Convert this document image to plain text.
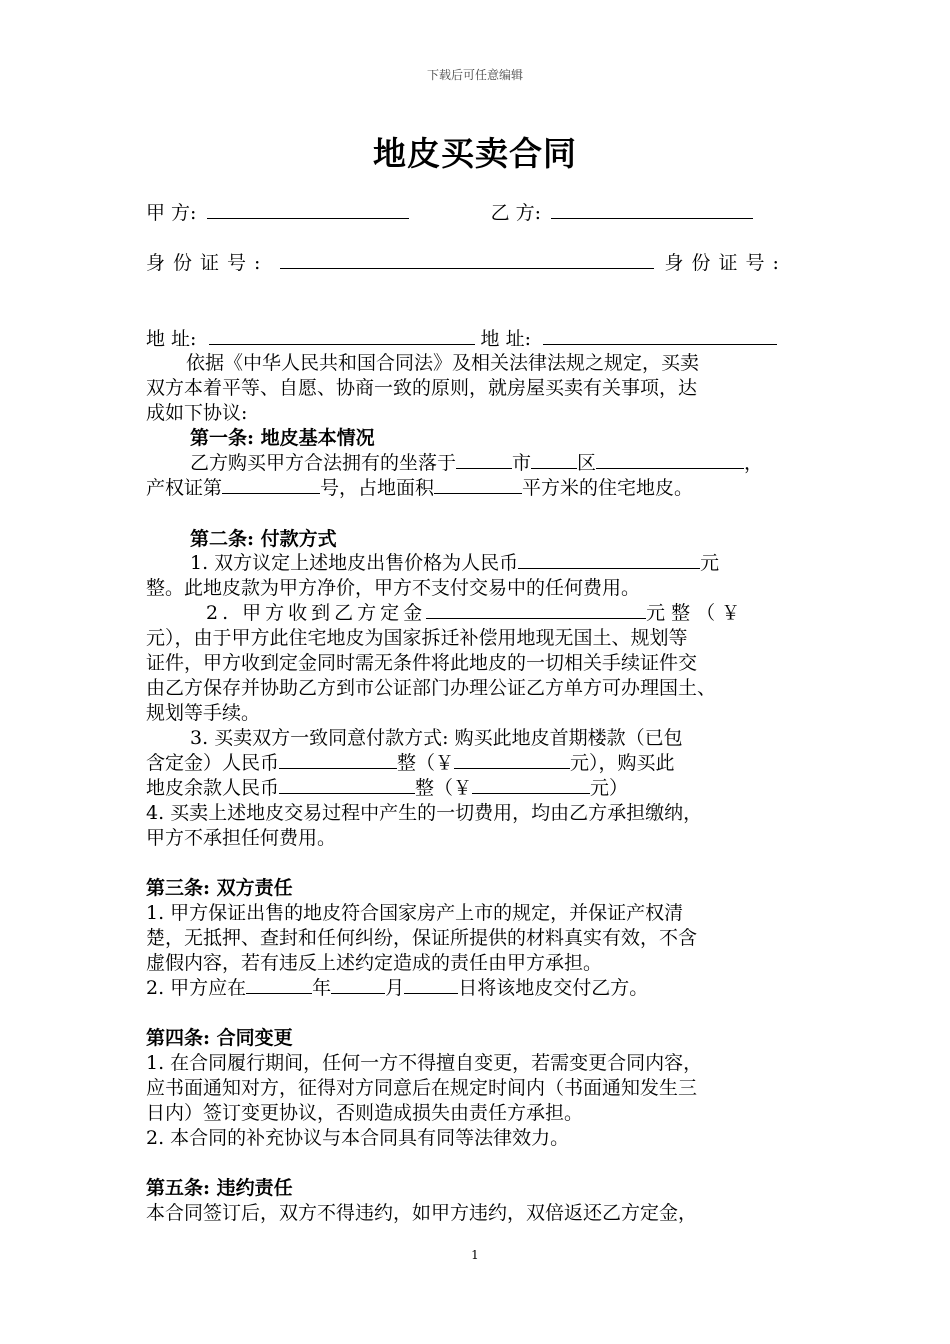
下载后可任意编辑
地皮买卖合同
甲 方:	乙 方:
身份证号:	身份证号:
地 址:	地 址:
依据《中华人民共和国合同法》及相关法律法规之规定，买卖
双方本着平等、自愿、协商一致的原则，就房屋买卖有关事项，达
成如下协议:
第一条: 地皮基本情况
乙方购买甲方合法拥有的坐落于	市 区	，
产权证第	号，占地面积	平方米的住宅地皮。
第二条: 付款方式
1. 双方议定上述地皮出售价格为人民币	元
整。此地皮款为甲方净价，甲方不支付交易中的任何费用。
2. 甲方收到乙方定金	元整（￥
元），由于甲方此住宅地皮为国家拆迁补偿用地现无国土、规划等
证件，甲方收到定金同时需无条件将此地皮的一切相关手续证件交
由乙方保存并协助乙方到市公证部门办理公证乙方单方可办理国土、
规划等手续。
3. 买卖双方一致同意付款方式: 购买此地皮首期楼款（已包
含定金）人民币	整（￥	元），购买此
地皮余款人民币	整（￥	元）
4. 买卖上述地皮交易过程中产生的一切费用，均由乙方承担缴纳，
甲方不承担任何费用。
第三条: 双方责任
1. 甲方保证出售的地皮符合国家房产上市的规定，并保证产权清
楚，无抵押、查封和任何纠纷，保证所提供的材料真实有效，不含
虚假内容，若有违反上述约定造成的责任由甲方承担。
2. 甲方应在	年	月	日将该地皮交付乙方。
第四条: 合同变更
1. 在合同履行期间，任何一方不得擅自变更，若需变更合同内容，
应书面通知对方，征得对方同意后在规定时间内（书面通知发生三
日内）签订变更协议，否则造成损失由责任方承担。
2. 本合同的补充协议与本合同具有同等法律效力。
第五条: 违约责任
本合同签订后，双方不得违约，如甲方违约，双倍返还乙方定金，
1
